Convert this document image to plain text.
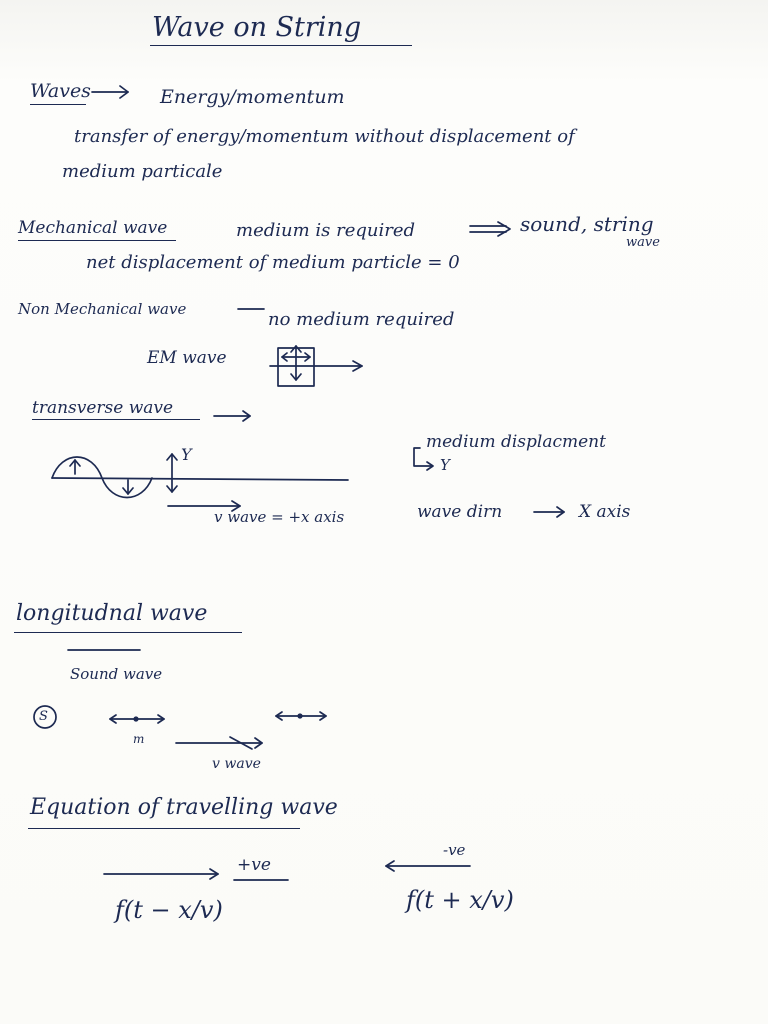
Wave on String
Waves	Energy/momentum
transfer of energy/momentum without displacement of
medium particale
Mechanical wave	medium is required	sound, string
wave
net displacement of medium particle = 0
Non Mechanical wave	no medium required
EM wave
transverse wave
Y
v wave = +x axis
medium displacment
Y
wave dirn	X axis
longitudnal wave
Sound wave
S
m
v wave
Equation of travelling wave
+ve
-ve
f(t − x/v)	f(t + x/v)
